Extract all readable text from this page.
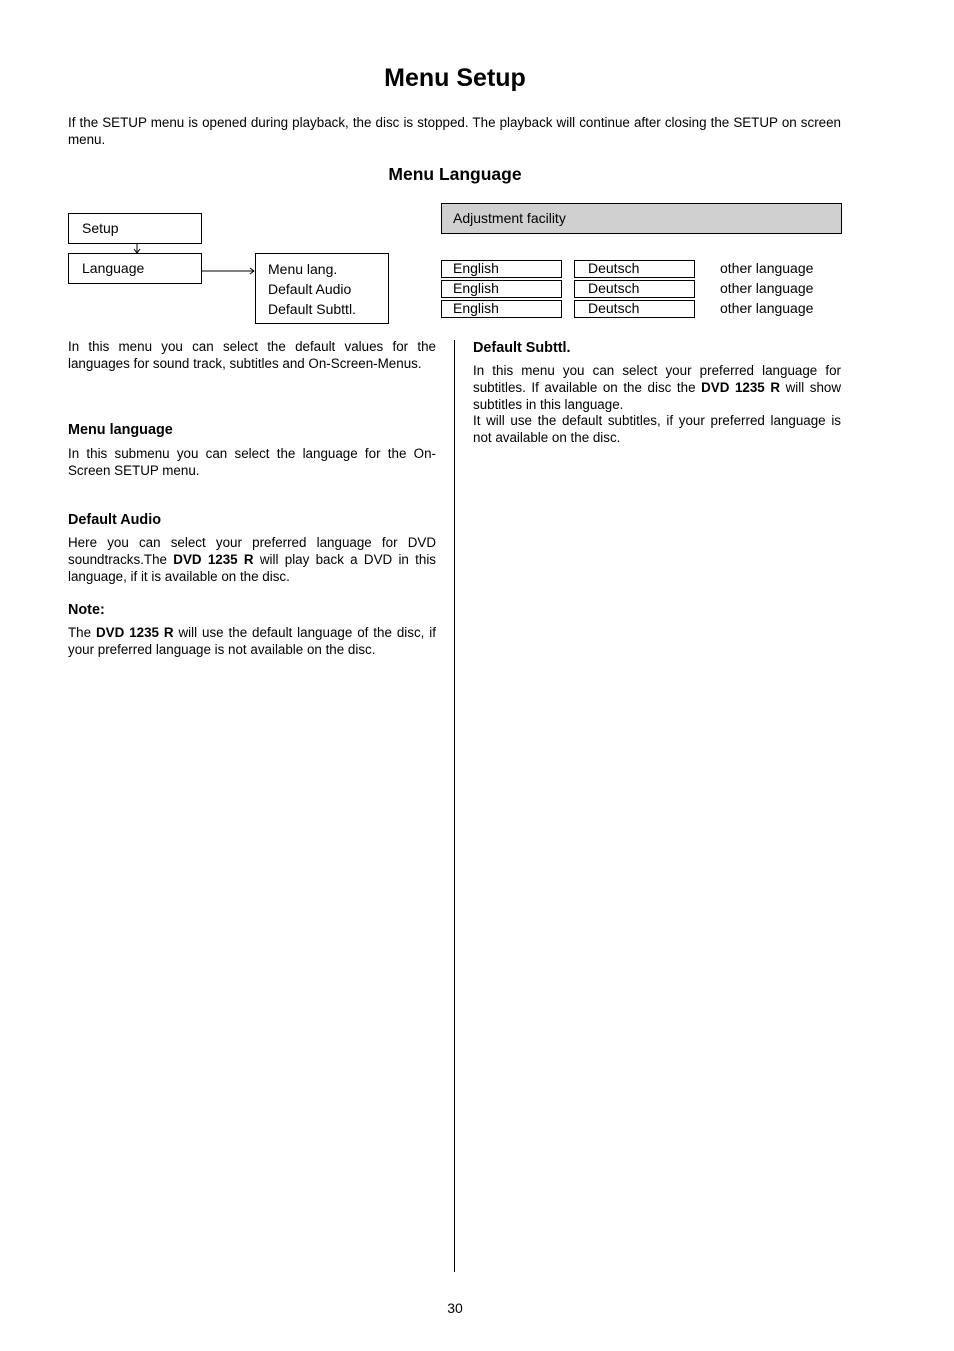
Menu Setup
If the SETUP menu is opened during playback, the disc is stopped. The playback will continue after closing the SETUP on screen menu.
Menu Language
Setup
Language	Menu lang.
Default Audio
Default Subttl.
Adjustment facility
English	Deutsch	other language
English	Deutsch	other language
English	Deutsch	other language
In this menu you can select the default values for the languages for sound track, subtitles and On-Screen-Menus.
Menu language
In this submenu you can select the language for the On-Screen SETUP menu.
Default Audio
Here you can select your preferred language for DVD soundtracks.The DVD 1235 R will play back a DVD in this language, if it is available on the disc.
Note:
The DVD 1235 R will use the default language of the disc, if your preferred language is not available on the disc.
Default Subttl.
In this menu you can select your preferred language for subtitles. If available on the disc the DVD 1235 R will show subtitles in this language.
It will use the default subtitles, if your preferred language is not available on the disc.
30
